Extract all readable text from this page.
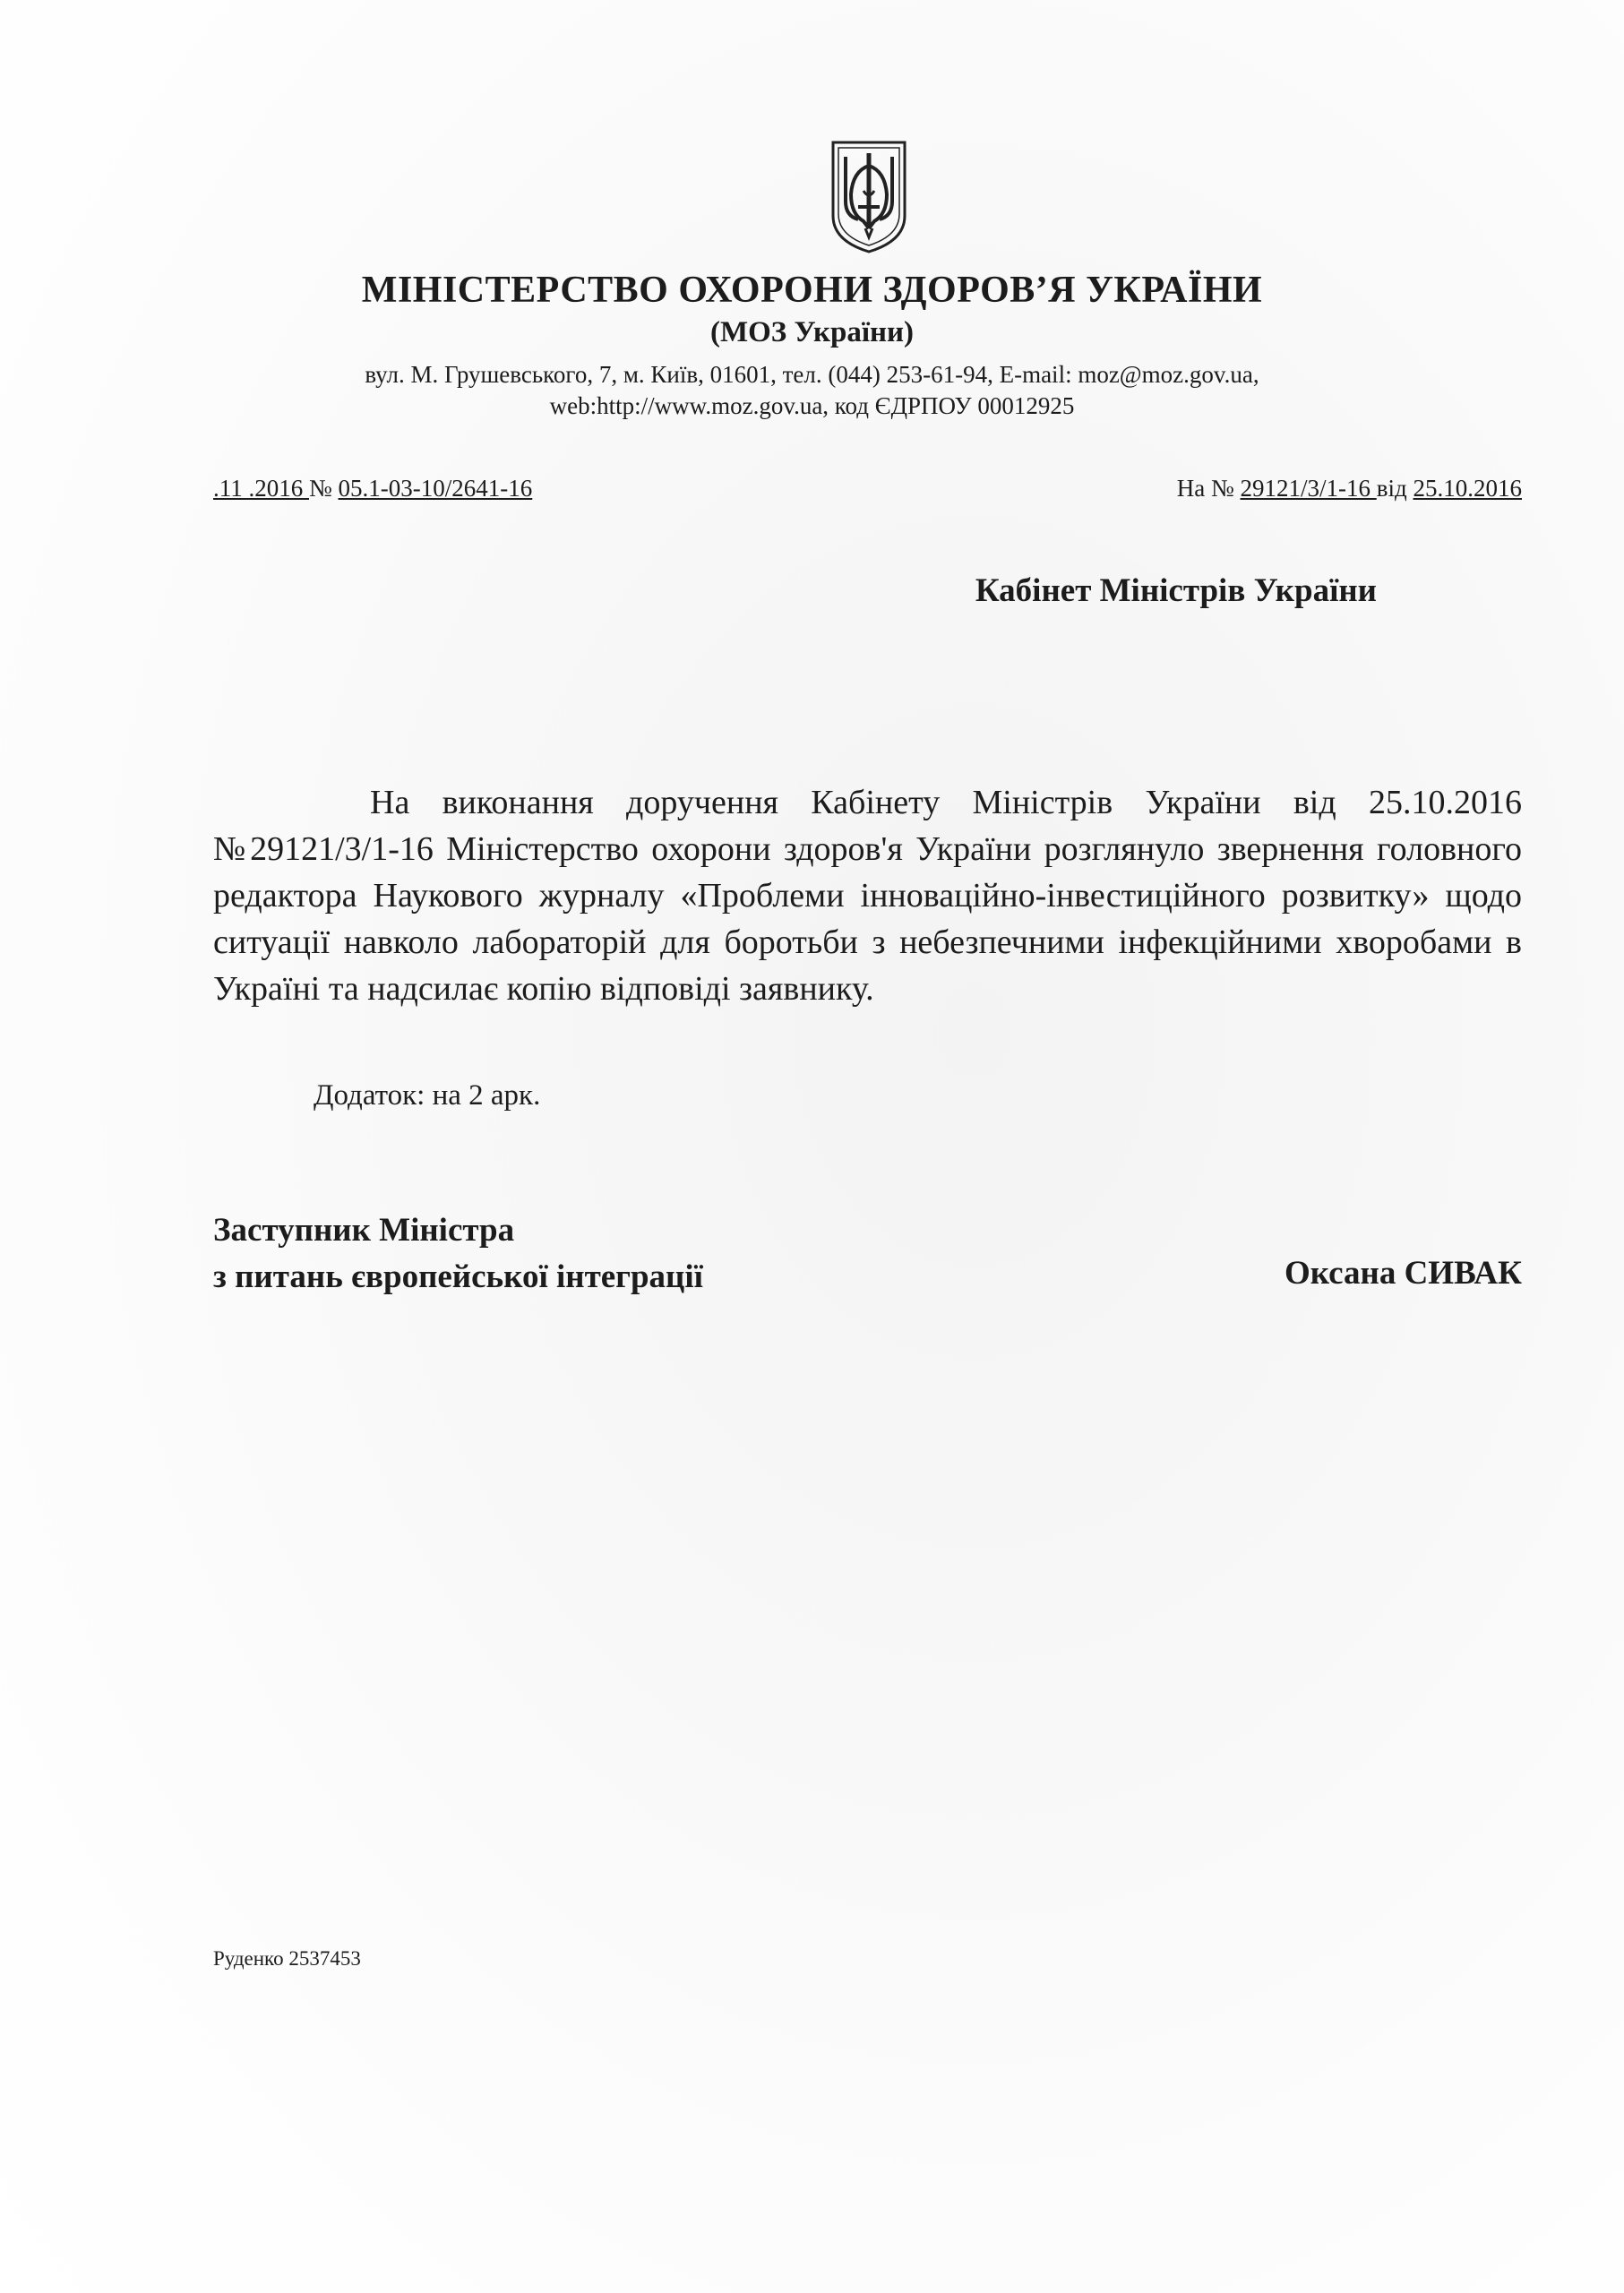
МІНІСТЕРСТВО ОХОРОНИ ЗДОРОВ’Я УКРАЇНИ
(МОЗ України)
вул. М. Грушевського, 7, м. Київ, 01601, тел. (044) 253-61-94, E-mail: moz@moz.gov.ua,
web:http://www.moz.gov.ua, код ЄДРПОУ 00012925
.11 .2016 № 05.1-03-10/2641-16	На № 29121/3/1-16 від 25.10.2016
Кабінет Міністрів України

На виконання доручення Кабінету Міністрів України від 25.10.2016 №29121/3/1-16 Міністерство охорони здоров'я України розглянуло звернення головного редактора Наукового журналу «Проблеми інноваційно-інвестиційного розвитку» щодо ситуації навколо лабораторій для боротьби з небезпечними інфекційними хворобами в Україні та надсилає копію відповіді заявнику.

Додаток: на 2 арк.
Заступник Міністра
з питань європейської інтеграції	Оксана СИВАК
Руденко 2537453
